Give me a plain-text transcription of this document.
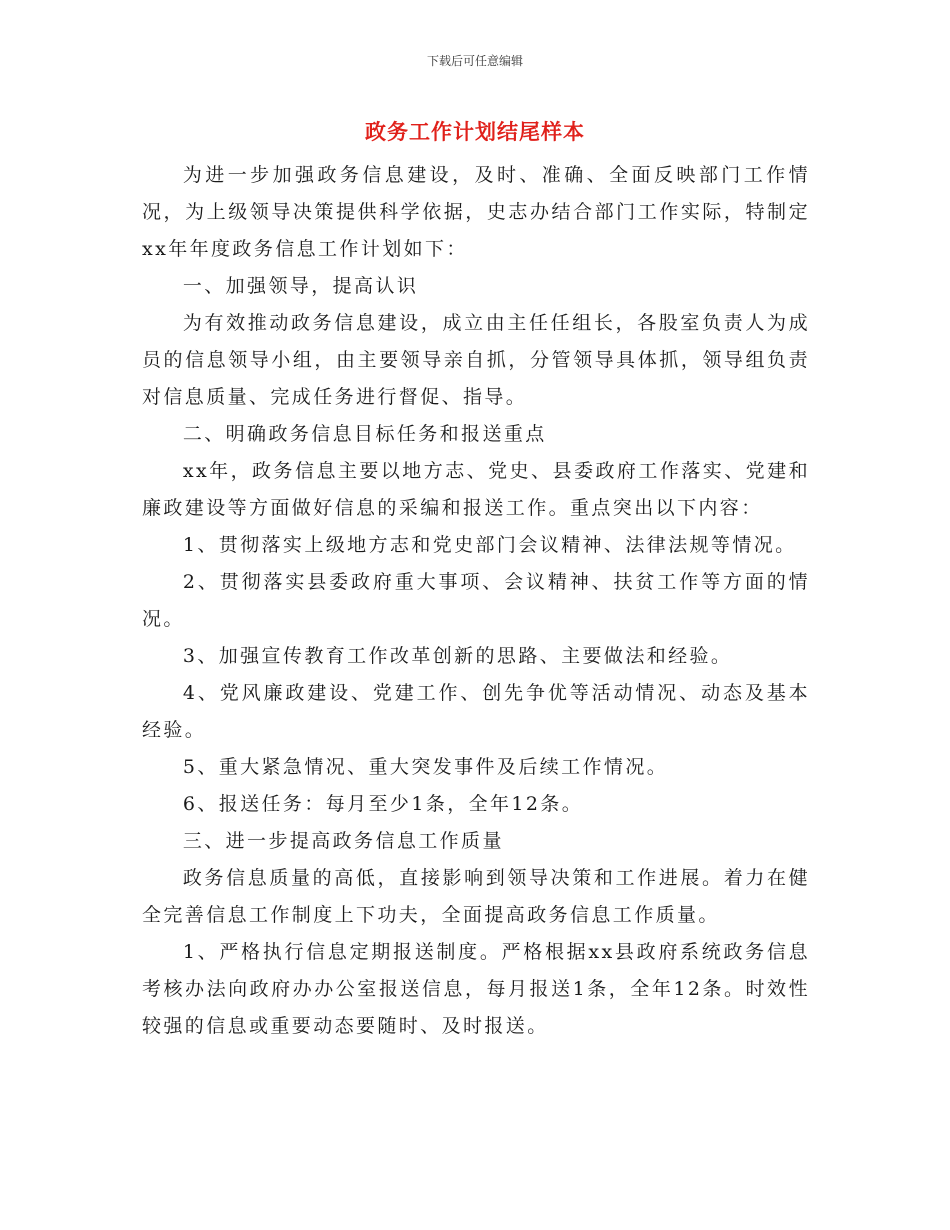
下载后可任意编辑
政务工作计划结尾样本

为进一步加强政务信息建设，及时、准确、全面反映部门工作情况，为上级领导决策提供科学依据，史志办结合部门工作实际，特制定xx年年度政务信息工作计划如下：

一、加强领导，提高认识

为有效推动政务信息建设，成立由主任任组长，各股室负责人为成员的信息领导小组，由主要领导亲自抓，分管领导具体抓，领导组负责对信息质量、完成任务进行督促、指导。

二、明确政务信息目标任务和报送重点

xx年，政务信息主要以地方志、党史、县委政府工作落实、党建和廉政建设等方面做好信息的采编和报送工作。重点突出以下内容：

1、贯彻落实上级地方志和党史部门会议精神、法律法规等情况。

2、贯彻落实县委政府重大事项、会议精神、扶贫工作等方面的情况。

3、加强宣传教育工作改革创新的思路、主要做法和经验。

4、党风廉政建设、党建工作、创先争优等活动情况、动态及基本经验。

5、重大紧急情况、重大突发事件及后续工作情况。

6、报送任务：每月至少1条，全年12条。

三、进一步提高政务信息工作质量

政务信息质量的高低，直接影响到领导决策和工作进展。着力在健全完善信息工作制度上下功夫，全面提高政务信息工作质量。

1、严格执行信息定期报送制度。严格根据xx县政府系统政务信息考核办法向政府办办公室报送信息，每月报送1条，全年12条。时效性较强的信息或重要动态要随时、及时报送。
